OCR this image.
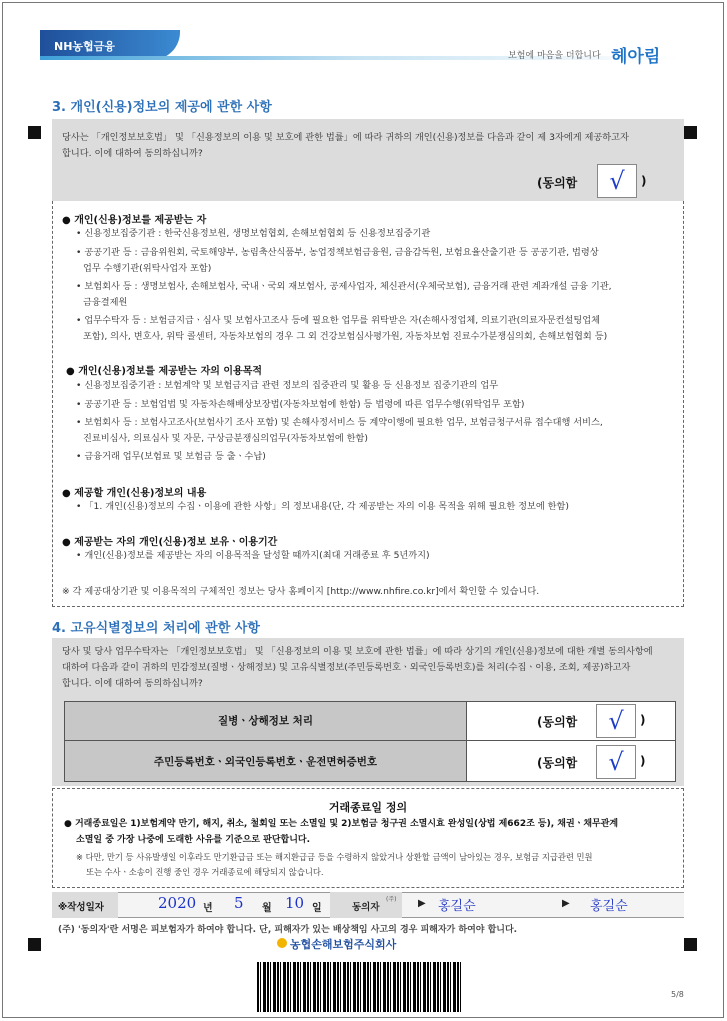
NH농협금융
보험에 마음을 더합니다 헤아림
3. 개인(신용)정보의 제공에 관한 사항
당사는 「개인정보보호법」 및 「신용정보의 이용 및 보호에 관한 법률」에 따라 귀하의 개인(신용)정보를 다음과 같이 제 3자에게 제공하고자
합니다. 이에 대하여 동의하십니까?
(동의함	√	)
● 개인(신용)정보를 제공받는 자
• 신용정보집중기관 : 한국신용정보원, 생명보험협회, 손해보험협회 등 신용정보집중기관
• 공공기관 등 : 금융위원회, 국토해양부, 농림축산식품부, 농업정책보험금융원, 금융감독원, 보험요율산출기관 등 공공기관, 법령상
업무 수행기관(위탁사업자 포함)
• 보험회사 등 : 생명보험사, 손해보험사, 국내ㆍ국외 재보험사, 공제사업자, 체신관서(우체국보험), 금융거래 관련 계좌개설 금융 기관,
금융결제원
• 업무수탁자 등 : 보험금지급ㆍ심사 및 보험사고조사 등에 필요한 업무를 위탁받은 자(손해사정업체, 의료기관(의료자문컨설팅업체
포함), 의사, 변호사, 위탁 콜센터, 자동차보험의 경우 그 외 건강보험심사평가원, 자동차보험 진료수가분쟁심의회, 손해보험협회 등)
● 개인(신용)정보를 제공받는 자의 이용목적
• 신용정보집중기관 : 보험계약 및 보험금지급 관련 정보의 집중관리 및 활용 등 신용정보 집중기관의 업무
• 공공기관 등 : 보험업법 및 자동차손해배상보장법(자동차보험에 한함) 등 법령에 따른 업무수행(위탁업무 포함)
• 보험회사 등 : 보험사고조사(보험사기 조사 포함) 및 손해사정서비스 등 계약이행에 필요한 업무, 보험금청구서류 접수대행 서비스,
진료비심사, 의료심사 및 자문, 구상금분쟁심의업무(자동차보험에 한함)
• 금융거래 업무(보험료 및 보험금 등 출ㆍ수납)
● 제공할 개인(신용)정보의 내용
• 「1. 개인(신용)정보의 수집ㆍ이용에 관한 사항」의 정보내용(단, 각 제공받는 자의 이용 목적을 위해 필요한 정보에 한함)
● 제공받는 자의 개인(신용)정보 보유ㆍ이용기간
• 개인(신용)정보를 제공받는 자의 이용목적을 달성할 때까지(최대 거래종료 후 5년까지)
※ 각 제공대상기관 및 이용목적의 구체적인 정보는 당사 홈페이지 [http://www.nhfire.co.kr]에서 확인할 수 있습니다.
4. 고유식별정보의 처리에 관한 사항
당사 및 당사 업무수탁자는 「개인정보보호법」 및 「신용정보의 이용 및 보호에 관한 법률」에 따라 상기의 개인(신용)정보에 대한 개별 동의사항에
대하여 다음과 같이 귀하의 민감정보(질병ㆍ상해정보) 및 고유식별정보(주민등록번호ㆍ외국인등록번호)를 처리(수집ㆍ이용, 조회, 제공)하고자
합니다. 이에 대하여 동의하십니까?
질병ㆍ상해정보 처리	(동의함	√	)
주민등록번호ㆍ외국인등록번호ㆍ운전면허증번호	(동의함	√	)
거래종료일 정의
● 거래종료일은 1)보험계약 만기, 해지, 취소, 철회일 또는 소멸일 및 2)보험금 청구권 소멸시효 완성일(상법 제662조 등), 채권ㆍ채무관계
소멸일 중 가장 나중에 도래한 사유를 기준으로 판단합니다.
※ 다만, 만기 등 사유발생일 이후라도 만기환급금 또는 해지환급금 등을 수령하지 않았거나 상환할 금액이 남아있는 경우, 보험금 지급관련 민원
또는 수사ㆍ소송이 진행 중인 경우 거래종료에 해당되지 않습니다.
※작성일자	2020 년 5 월 10 일	동의자
(주) ▶ 홍길순	▶ 홍길순
(주) '동의자'란 서명은 피보험자가 하여야 합니다. 단, 피해자가 있는 배상책임 사고의 경우 피해자가 하여야 합니다.
농협손해보험주식회사
5/8
